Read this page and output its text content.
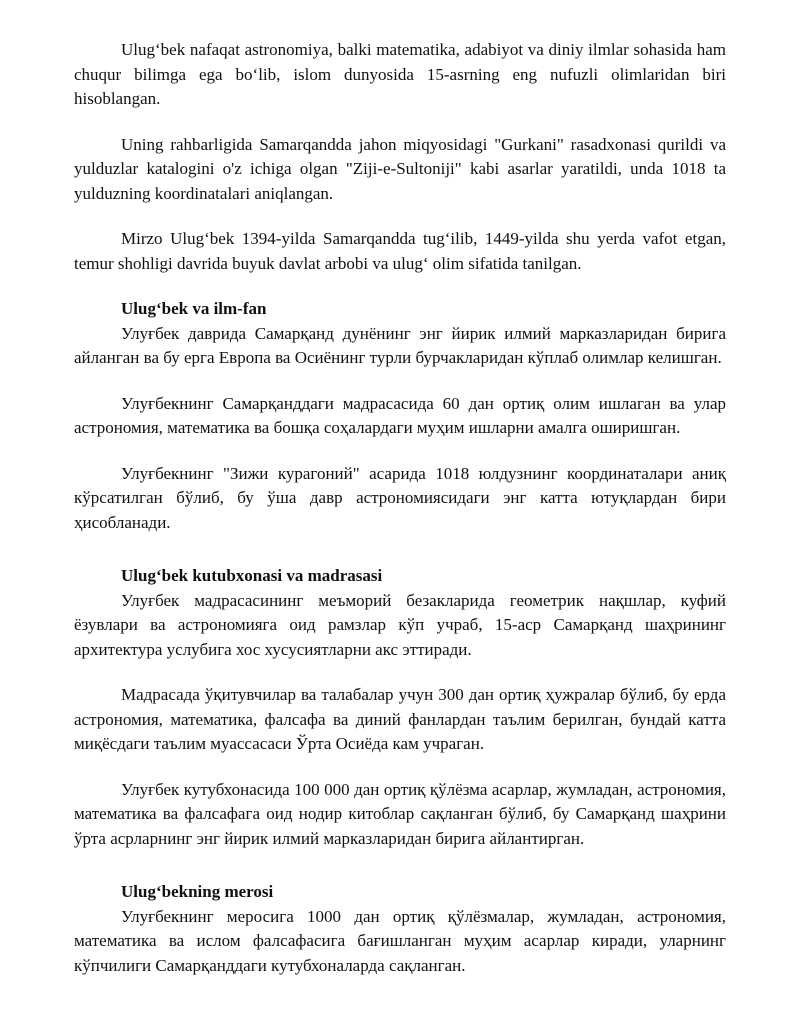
Ulug‘bek nafaqat astronomiya, balki matematika, adabiyot va diniy ilmlar sohasida ham chuqur bilimga ega bo‘lib, islom dunyosida 15-asrning eng nufuzli olimlaridan biri hisoblangan.

Uning rahbarligida Samarqandda jahon miqyosidagi "Gurkani" rasadxonasi qurildi va yulduzlar katalogini o'z ichiga olgan "Ziji-e-Sultoniji" kabi asarlar yaratildi, unda 1018 ta yulduzning koordinatalari aniqlangan.

Mirzo Ulug‘bek 1394-yilda Samarqandda tug‘ilib, 1449-yilda shu yerda vafot etgan, temur shohligi davrida buyuk davlat arbobi va ulug‘ olim sifatida tanilgan.

Ulug‘bek va ilm-fan

Улуғбек даврида Самарқанд дунёнинг энг йирик илмий марказларидан бирига айланган ва бу ерга Европа ва Осиёнинг турли бурчакларидан кўплаб олимлар келишган.

Улуғбекнинг Самарқанддаги мадрасасида 60 дан ортиқ олим ишлаган ва улар астрономия, математика ва бошқа соҳалардаги муҳим ишларни амалга оширишган.

Улуғбекнинг "Зижи курагоний" асарида 1018 юлдузнинг координаталари аниқ кўрсатилган бўлиб, бу ўша давр астрономиясидаги энг катта ютуқлардан бири ҳисобланади.

Ulug‘bek kutubxonasi va madrasasi

Улуғбек мадрасасининг меъморий безакларида геометрик нақшлар, куфий ёзувлари ва астрономияга оид рамзлар кўп учраб, 15-аср Самарқанд шаҳрининг архитектура услубига хос хусусиятларни акс эттиради.

Мадрасада ўқитувчилар ва талабалар учун 300 дан ортиқ ҳужралар бўлиб, бу ерда астрономия, математика, фалсафа ва диний фанлардан таълим берилган, бундай катта миқёсдаги таълим муассасаси Ўрта Осиёда кам учраган.

Улуғбек кутубхонасида 100 000 дан ортиқ қўлёзма асарлар, жумладан, астрономия, математика ва фалсафага оид нодир китоблар сақланган бўлиб, бу Самарқанд шаҳрини ўрта асрларнинг энг йирик илмий марказларидан бирига айлантирган.

Ulug‘bekning merosi

Улуғбекнинг меросига 1000 дан ортиқ қўлёзмалар, жумладан, астрономия, математика ва ислом фалсафасига бағишланган муҳим асарлар киради, уларнинг кўпчилиги Самарқанддаги кутубхоналарда сақланган.
